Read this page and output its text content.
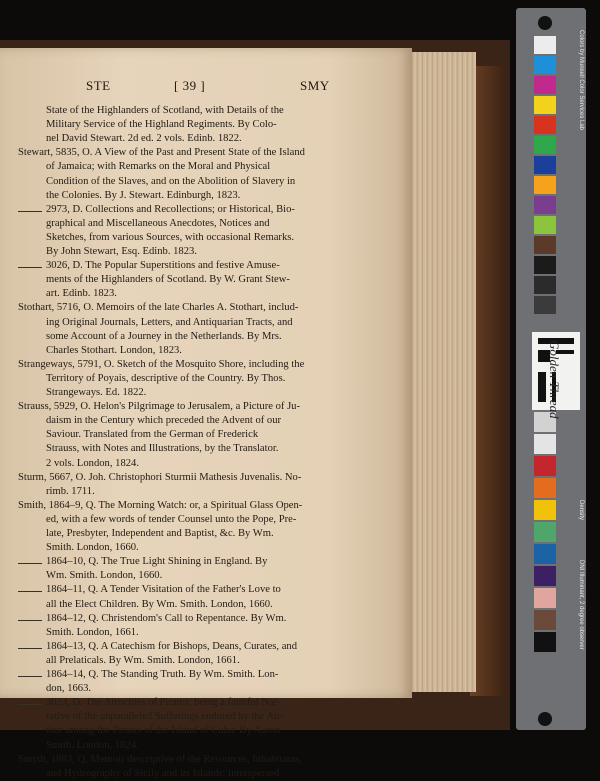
STE	[ 39 ]	SMY
State of the Highlanders of Scotland, with Details of the
Military Service of the Highland Regiments. By Colo-
nel David Stewart. 2d ed. 2 vols. Edinb. 1822.
Stewart, 5835, O. A View of the Past and Present State of the Island
of Jamaica; with Remarks on the Moral and Physical
Condition of the Slaves, and on the Abolition of Slavery in
the Colonies. By J. Stewart. Edinburgh, 1823.
2973, D. Collections and Recollections; or Historical, Bio-
graphical and Miscellaneous Anecdotes, Notices and
Sketches, from various Sources, with occasional Remarks.
By John Stewart, Esq. Edinb. 1823.
3026, D. The Popular Superstitions and festive Amuse-
ments of the Highlanders of Scotland. By W. Grant Stew-
art. Edinb. 1823.
Stothart, 5716, O. Memoirs of the late Charles A. Stothart, includ-
ing Original Journals, Letters, and Antiquarian Tracts, and
some Account of a Journey in the Netherlands. By Mrs.
Charles Stothart. London, 1823.
Strangeways, 5791, O. Sketch of the Mosquito Shore, including the
Territory of Poyais, descriptive of the Country. By Thos.
Strangeways. Ed. 1822.
Strauss, 5929, O. Helon's Pilgrimage to Jerusalem, a Picture of Ju-
daism in the Century which preceded the Advent of our
Saviour. Translated from the German of Frederick
Strauss, with Notes and Illustrations, by the Translator.
2 vols. London, 1824.
Sturm, 5667, O. Joh. Christophori Sturmii Mathesis Juvenalis. No-
rimb. 1711.
Smith, 1864–9, Q. The Morning Watch: or, a Spiritual Glass Open-
ed, with a few words of tender Counsel unto the Pope, Pre-
late, Presbyter, Independent and Baptist, &c. By Wm.
Smith. London, 1660.
1864–10, Q. The True Light Shining in England. By
Wm. Smith. London, 1660.
1864–11, Q. A Tender Visitation of the Father's Love to
all the Elect Children. By Wm. Smith. London, 1660.
1864–12, Q. Christendom's Call to Repentance. By Wm.
Smith. London, 1661.
1864–13, Q. A Catechism for Bishops, Deans, Curates, and
all Prelaticals. By Wm. Smith. London, 1661.
1864–14, Q. The Standing Truth. By Wm. Smith. Lon-
don, 1663.
3023, D. The Atrocities of Pirates; being a faithful Nar-
rative of the unparalleled Sufferings endured by the Au-
thor among the Pirates of the Island of Cuba: By Aaron
Smith. London, 1824.
Smyth, 1883, Q. Memoir descriptive of the Resources, Inhabitants,
and Hydrography of Sicily and its Islands; interspersed
Golden Thread
Colors by Munsell Color Services Lab
DNI Illuminant, 2 degree observer
Density
